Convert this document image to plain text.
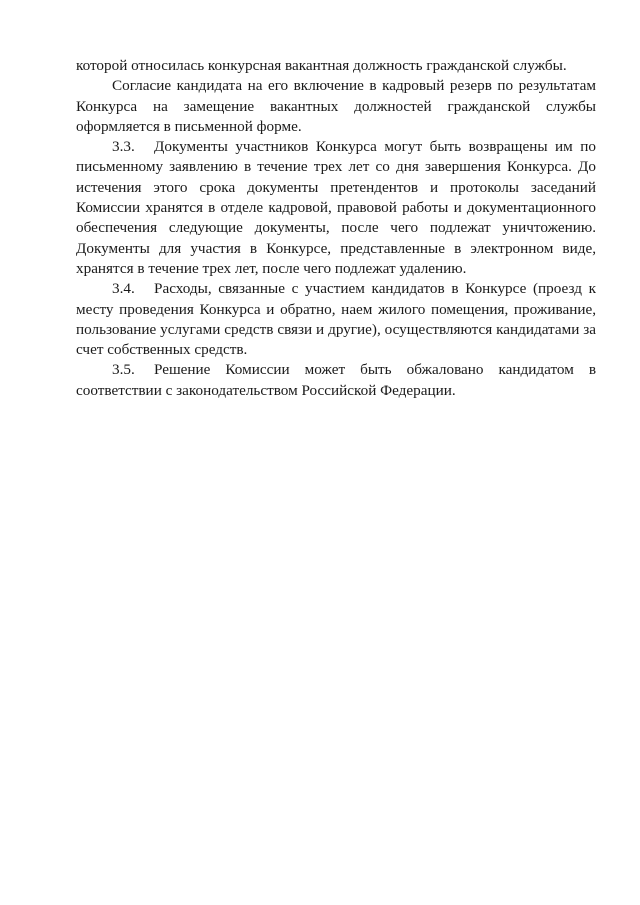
которой относилась конкурсная вакантная должность гражданской службы.

Согласие кандидата на его включение в кадровый резерв по результатам Конкурса на замещение вакантных должностей гражданской службы оформляется в письменной форме.

3.3. Документы участников Конкурса могут быть возвращены им по письменному заявлению в течение трех лет со дня завершения Конкурса. До истечения этого срока документы претендентов и протоколы заседаний Комиссии хранятся в отделе кадровой, правовой работы и документационного обеспечения следующие документы, после чего подлежат уничтожению. Документы для участия в Конкурсе, представленные в электронном виде, хранятся в течение трех лет, после чего подлежат удалению.

3.4. Расходы, связанные с участием кандидатов в Конкурсе (проезд к месту проведения Конкурса и обратно, наем жилого помещения, проживание, пользование услугами средств связи и другие), осуществляются кандидатами за счет собственных средств.

3.5. Решение Комиссии может быть обжаловано кандидатом в соответствии с законодательством Российской Федерации.
